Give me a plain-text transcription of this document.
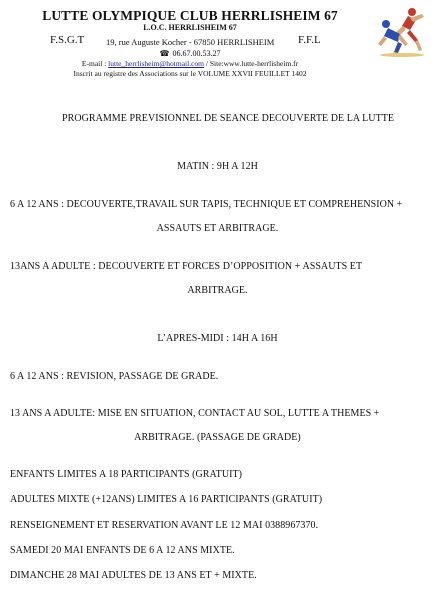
LUTTE OLYMPIQUE CLUB HERRLISHEIM 67
L.O.C. HERRLISHEIM 67
F.S.G.T	19, rue Auguste Kocher - 67850 HERRLISHEIM F.F.L
☎ 06.67.00.53.27
E-mail : lutte_herrlisheim@hotmail.com / Site:www.lutte-herrlisheim.fr
Inscrit au registre des Associations sur le VOLUME XXVII FEUILLET 1402
PROGRAMME PREVISIONNEL DE SEANCE DECOUVERTE DE LA LUTTE
MATIN : 9H A 12H
6 A 12 ANS : DECOUVERTE,TRAVAIL SUR TAPIS, TECHNIQUE ET COMPREHENSION +
ASSAUTS ET ARBITRAGE.
13ANS A ADULTE : DECOUVERTE ET FORCES D’OPPOSITION + ASSAUTS ET
ARBITRAGE.
L’APRES-MIDI : 14H A 16H
6 A 12 ANS : REVISION, PASSAGE DE GRADE.
13 ANS A ADULTE: MISE EN SITUATION, CONTACT AU SOL, LUTTE A THEMES +
ARBITRAGE. (PASSAGE DE GRADE)
ENFANTS LIMITES A 18 PARTICIPANTS (GRATUIT)
ADULTES MIXTE (+12ANS) LIMITES A 16 PARTICIPANTS (GRATUIT)
RENSEIGNEMENT ET RESERVATION AVANT LE 12 MAI 0388967370.
SAMEDI 20 MAI ENFANTS DE 6 A 12 ANS MIXTE.
DIMANCHE 28 MAI ADULTES DE 13 ANS ET + MIXTE.
